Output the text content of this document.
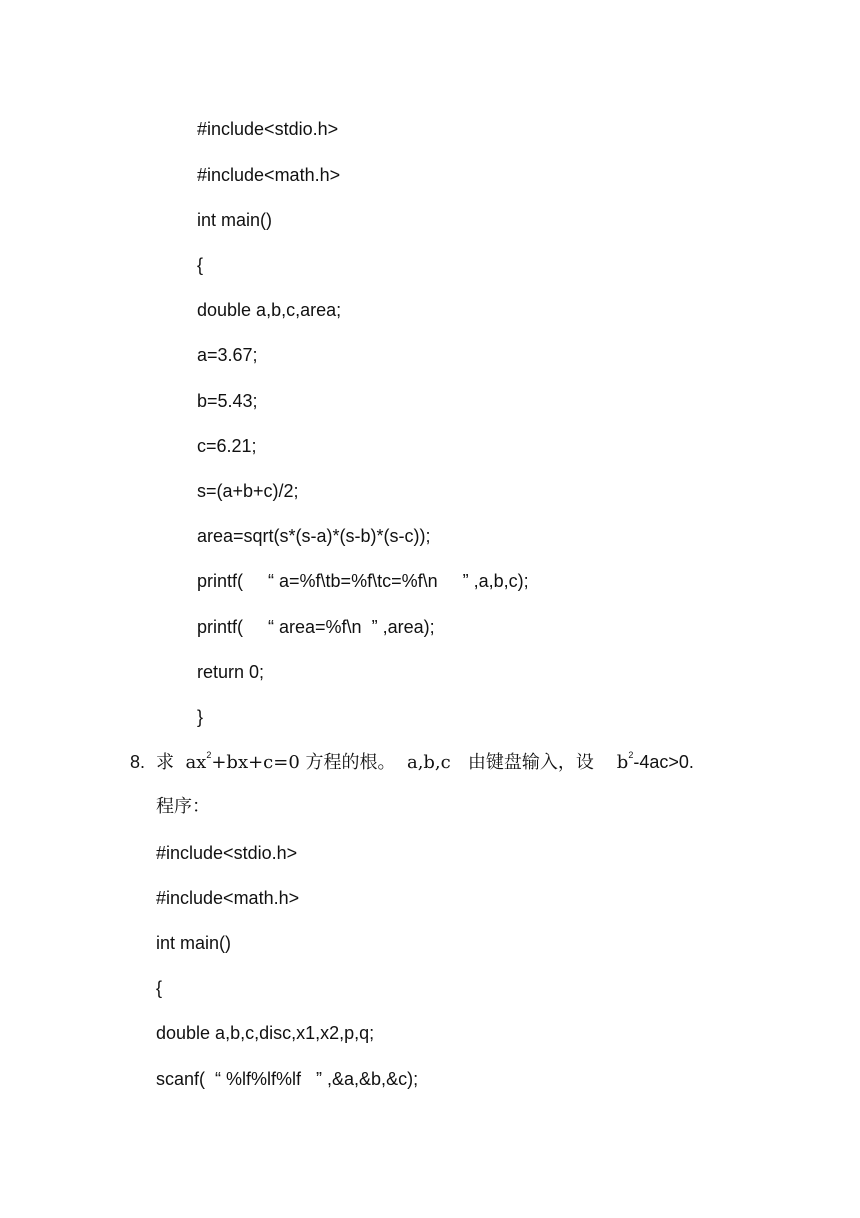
#include<stdio.h>
#include<math.h>
int main()
{
double a,b,c,area;
a=3.67;
b=5.43;
c=6.21;
s=(a+b+c)/2;
area=sqrt(s*(s-a)*(s-b)*(s-c));
printf(     “ a=%f\tb=%f\tc=%f\n     ” ,a,b,c);
printf(     “ area=%f\n  ” ,area);
return 0;
}
8. 求  $ax^2+bx+c=0$ 方程的根。  a,b,c   由键盘输入，设    $b^2-4ac>0$.
程序：
#include<stdio.h>
#include<math.h>
int main()
{
double a,b,c,disc,x1,x2,p,q;
scanf(  “ %lf%lf%lf   ” ,&a,&b,&c);
